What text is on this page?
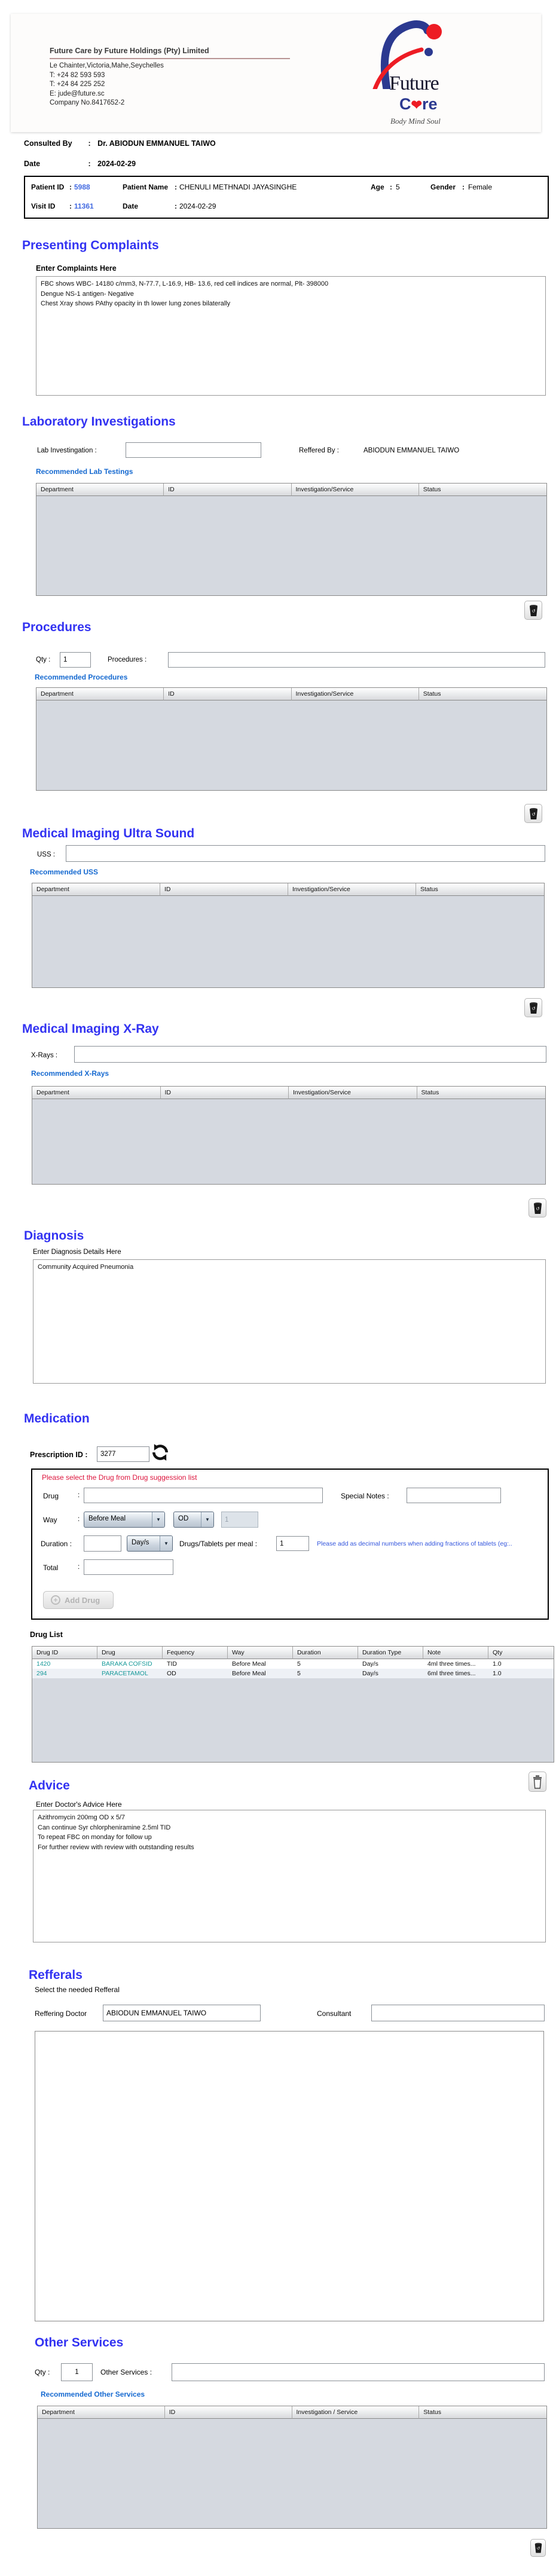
Future Care by Future Holdings (Pty) Limited
Le Chainter,Victoria,Mahe,Seychelles
T: +24 82 593 593
T: +24 84 225 252
E: jude@future.sc
Company No.8417652-2
Future
C❤re
Body Mind Soul
Consulted By : Dr. ABIODUN EMMANUEL TAIWO
Date	: 2024-02-29
Patient ID : 5988	Patient Name : CHENULI METHNADI JAYASINGHE	Age : 5	Gender : Female
Visit ID : 11361	Date	: 2024-02-29
Presenting Complaints
Enter Complaints Here
FBC shows WBC- 14180 c/mm3, N-77.7, L-16.9, HB- 13.6, red cell indices are normal, Plt- 398000 Dengue NS-1 antigen- Negative Chest Xray shows PAthy opacity in th lower lung zones bilaterally
Laboratory Investigations
Lab Investingation :	Reffered By :	ABIODUN EMMANUEL TAIWO
Recommended Lab Testings
Department	ID	Investigation/Service	Status
↺
Procedures
Qty :
1	Procedures :
Recommended Procedures
Department	ID	Investigation/Service	Status
↺
Medical Imaging Ultra Sound
USS :
Recommended USS
Department	ID	Investigation/Service	Status
↺
Medical Imaging X-Ray
X-Rays :
Recommended X-Rays
Department	ID	Investigation/Service	Status
↺
Diagnosis
Enter Diagnosis Details Here
Community Acquired Pneumonia
Medication
Prescription ID :
3277
Please select the Drug from Drug suggession list
Drug	:	Special Notes :
Way	:	Before Meal	▼	OD	▼
1
Duration :	Day/s	▼	Drugs/Tablets per meal :
1	Please add as decimal numbers when adding fractions of tablets (eg:..
Total	:
+ Add Drug
Drug List
Drug ID	Drug	Fequency	Way	Duration	Duration Type	Note	Qty
1420	BARAKA COFSID	TID	Before Meal	5	Day/s	4ml three times...	1.0
294	PARACETAMOL	OD	Before Meal	5	Day/s	6ml three times...	1.0
Advice
Enter Doctor's Advice Here
Azithromycin 200mg OD x 5/7 Can continue Syr chlorpheniramine 2.5ml TID To repeat FBC on monday for follow up For further review with review with outstanding results
Refferals
Select the needed Refferal
Reffering Doctor
ABIODUN EMMANUEL TAIWO	Consultant
Other Services
Qty :
1	Other Services :
Recommended Other Services
Department	ID	Investigation / Service	Status
↺
